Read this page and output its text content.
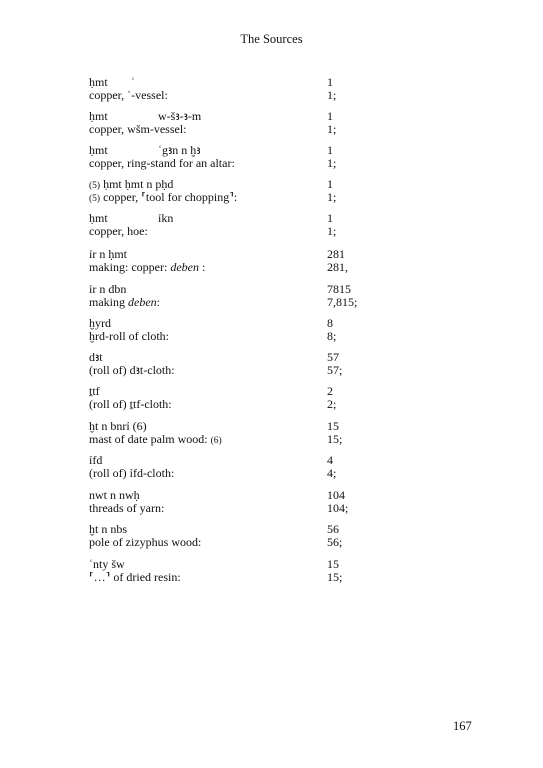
The Sources
ḥmt ʿ	1
copper, ʿ-vessel:	1;
ḥmt	w-šꜣ-ꜣ-m	1
copper, wšm-vessel:	1;
ḥmt	ʿgꜣn n ḫꜣ	1
copper, ring-stand for an altar:	1;
(5) ḥmt ḥmt n pḥd	1
(5) copper, ⸢tool for chopping⸣:	1;
ḥmt	ỉkn	1
copper, hoe:	1;
ỉr n ḥmt	281
making: copper: deben :	281,
ỉr n dbn	7815
making deben:	7,815;
ḫyrd	8
ḫrd-roll of cloth:	8;
dꜣt	57
(roll of) dꜣt-cloth:	57;
ṯtf	2
(roll of) ṯtf-cloth:	2;
ḫt n bnrỉ (6)	15
mast of date palm wood: (6)	15;
ỉfd	4
(roll of) ỉfd-cloth:	4;
nwt n nwḥ	104
threads of yarn:	104;
ḫt n nbs	56
pole of zizyphus wood:	56;
ʿnty šw	15
⸢…⸣ of dried resin:	15;
167
